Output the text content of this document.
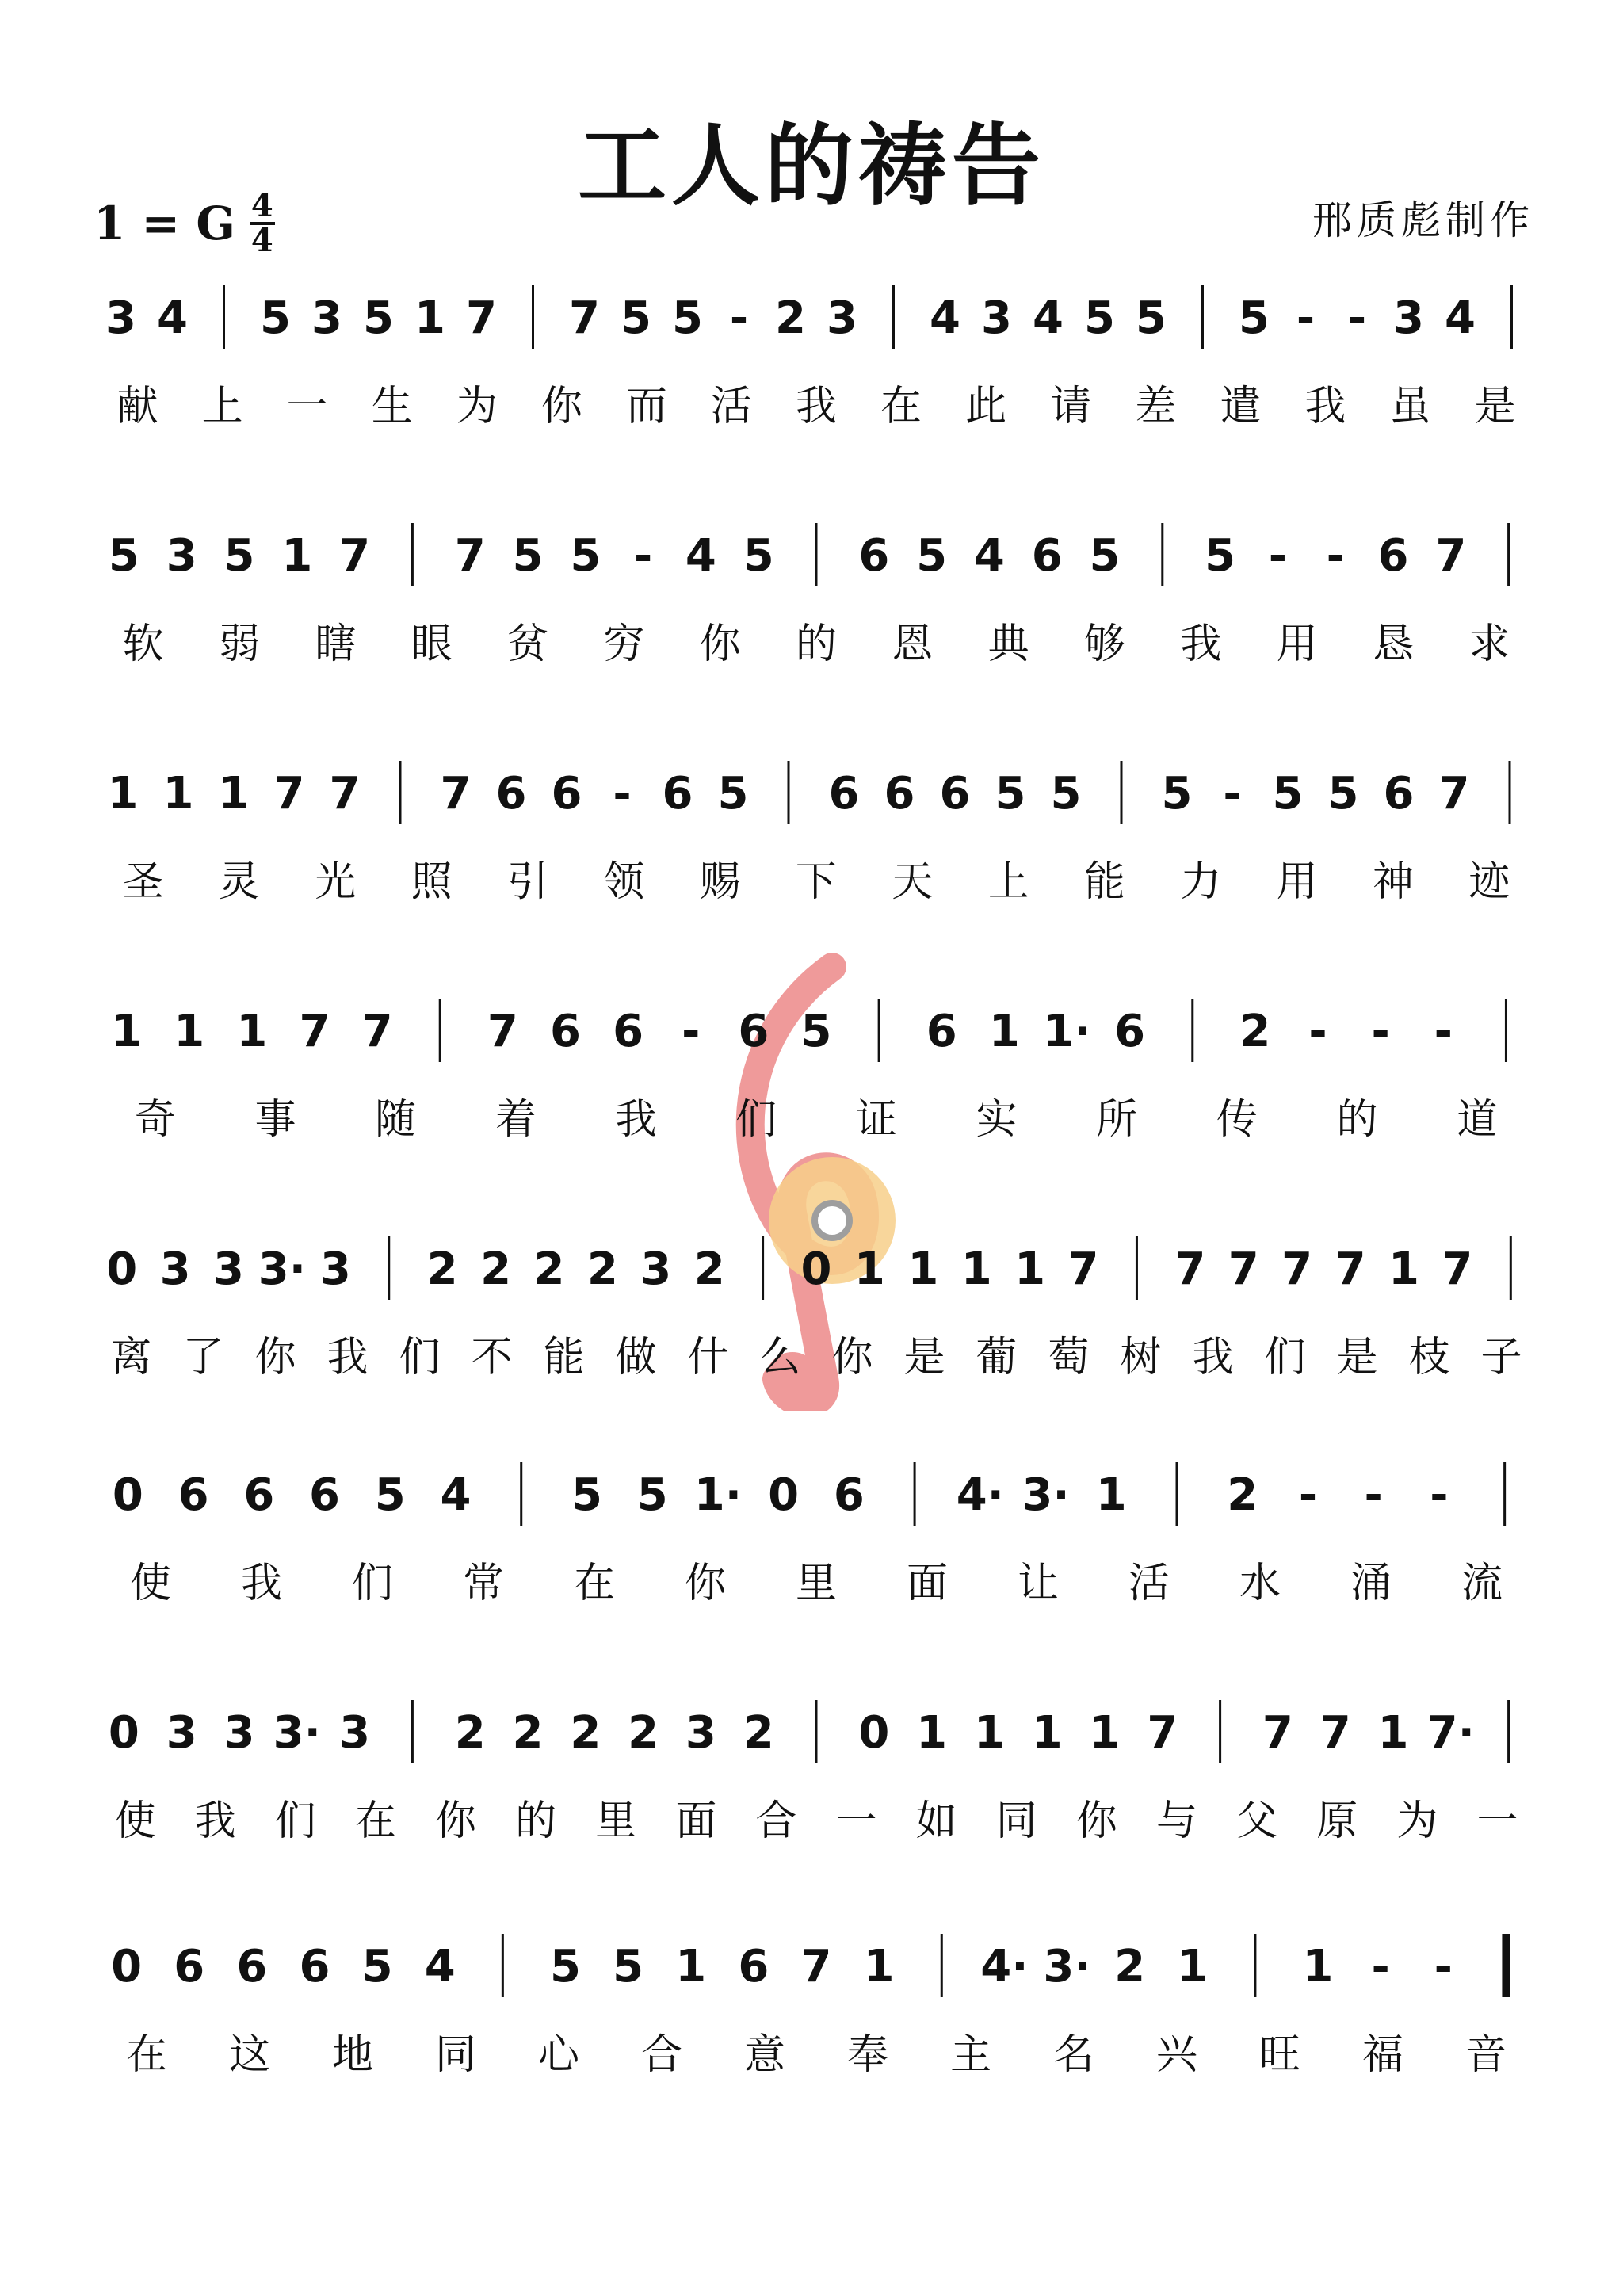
工人的祷告
1 = G 4
4	邢质彪制作
3 4 5 3 5 1 7 7 5 5 - 2 3 4 3 4 5 5 5 - - 3 4
献 上 一 生 为 你 而 活 我 在 此 请 差 遣 我 虽 是
5 3 5 1 7 7 5 5 - 4 5 6 5 4 6 5 5 - - 6 7
软 弱 瞎 眼 贫 穷 你 的 恩 典 够 我 用 恳 求
1 1 1 7 7 7 6 6 - 6 5 6 6 6 5 5 5 - 5 5 6 7
圣 灵 光 照 引 领 赐 下 天 上 能 力 用 神 迹
1 1 1 7 7 7 6 6 - 6 5 6 1 1· 6 2 - - -
奇 事 随 着 我 们 证 实 所 传 的 道
0 3 3 3· 3 2 2 2 2 3 2 0 1 1 1 1 7 7 7 7 7 1 7
离 了 你 我 们 不 能 做 什 么 你 是 葡 萄 树 我 们 是 枝 子
0 6 6 6 5 4 5 5 1· 0 6 4· 3· 1 2 - - -
使 我 们 常 在 你 里 面 让 活 水 涌 流
0 3 3 3· 3 2 2 2 2 3 2 0 1 1 1 1 7 7 7 1 7·
使 我 们 在 你 的 里 面 合 一 如 同 你 与 父 原 为 一
0 6 6 6 5 4 5 5 1 6 7 1 4· 3· 2 1 1 - -
在 这 地 同 心 合 意 奉 主 名 兴 旺 福 音
